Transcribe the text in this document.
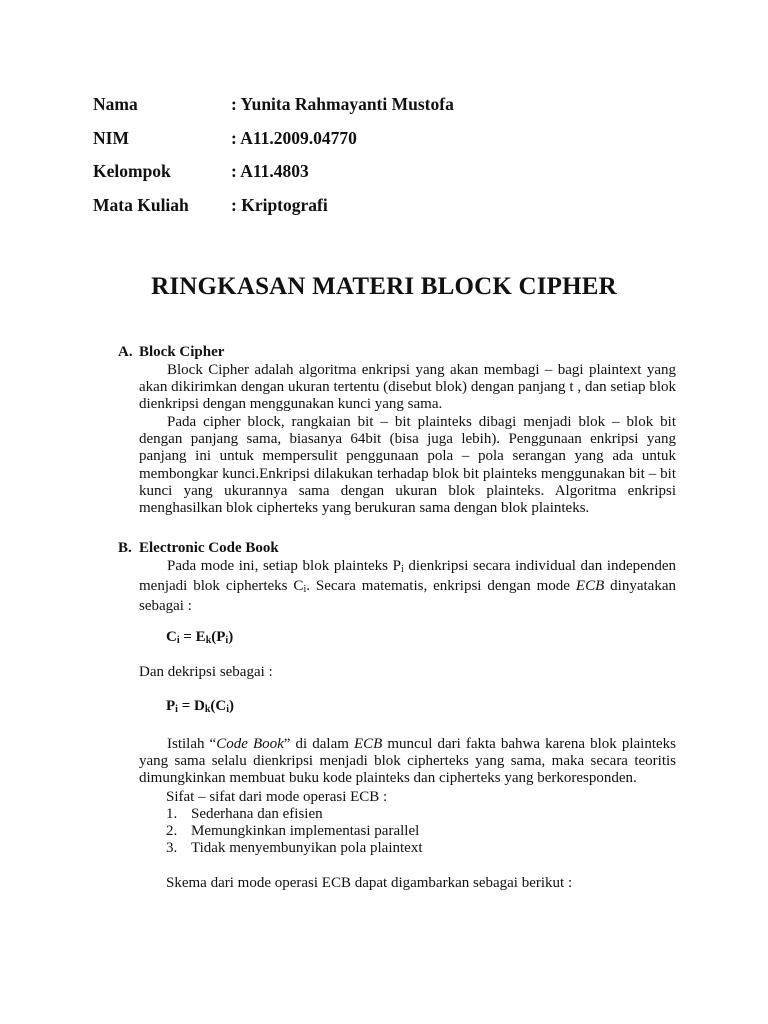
Nama	: Yunita Rahmayanti Mustofa
NIM	: A11.2009.04770
Kelompok	: A11.4803
Mata Kuliah : Kriptografi
RINGKASAN MATERI BLOCK CIPHER
A. Block Cipher

Block Cipher adalah algoritma enkripsi yang akan membagi – bagi plaintext yang akan dikirimkan dengan ukuran tertentu (disebut blok) dengan panjang t , dan setiap blok dienkripsi dengan menggunakan kunci yang sama.

Pada cipher block, rangkaian bit – bit plainteks dibagi menjadi blok – blok bit dengan panjang sama, biasanya 64bit (bisa juga lebih). Penggunaan enkripsi yang panjang ini untuk mempersulit penggunaan pola – pola serangan yang ada untuk membongkar kunci.Enkripsi dilakukan terhadap blok bit plainteks menggunakan bit – bit kunci yang ukurannya sama dengan ukuran blok plainteks. Algoritma enkripsi menghasilkan blok cipherteks yang berukuran sama dengan blok plainteks.

B. Electronic Code Book

Pada mode ini, setiap blok plainteks $P_i$ dienkripsi secara individual dan independen menjadi blok cipherteks $C_i$. Secara matematis, enkripsi dengan mode ECB dinyatakan sebagai :

$C_i = E_k(P_i)$
Dan dekripsi sebagai :
$P_i = D_k(C_i)$

Istilah “Code Book” di dalam ECB muncul dari fakta bahwa karena blok plainteks yang sama selalu dienkripsi menjadi blok cipherteks yang sama, maka secara teoritis dimungkinkan membuat buku kode plainteks dan cipherteks yang berkoresponden.

Sifat – sifat dari mode operasi ECB :
1. Sederhana dan efisien
2. Memungkinkan implementasi parallel
3. Tidak menyembunyikan pola plaintext
Skema dari mode operasi ECB dapat digambarkan sebagai berikut :
